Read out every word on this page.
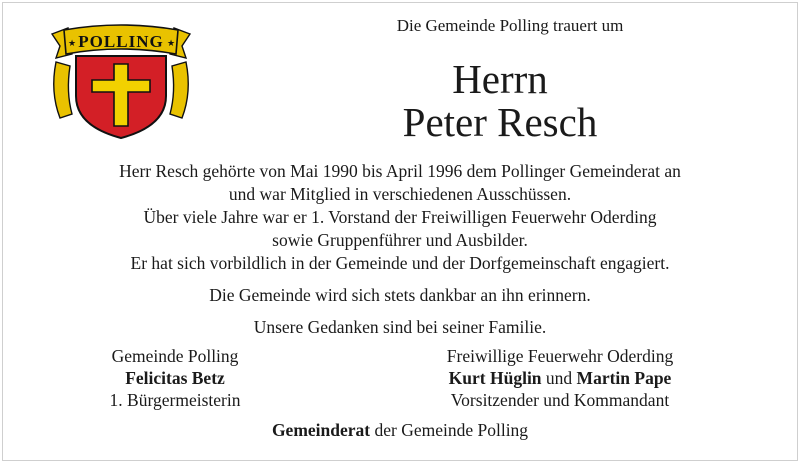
POLLING
★	★
Die Gemeinde Polling trauert um
Herrn
Peter Resch
Herr Resch gehörte von Mai 1990 bis April 1996 dem Pollinger Gemeinderat an
und war Mitglied in verschiedenen Ausschüssen.
Über viele Jahre war er 1. Vorstand der Freiwilligen Feuerwehr Oderding
sowie Gruppenführer und Ausbilder.
Er hat sich vorbildlich in der Gemeinde und der Dorfgemeinschaft engagiert.
Die Gemeinde wird sich stets dankbar an ihn erinnern.
Unsere Gedanken sind bei seiner Familie.
Gemeinde Polling
Felicitas Betz
1. Bürgermeisterin
Freiwillige Feuerwehr Oderding
Kurt Hüglin und Martin Pape
Vorsitzender und Kommandant
Gemeinderat der Gemeinde Polling
